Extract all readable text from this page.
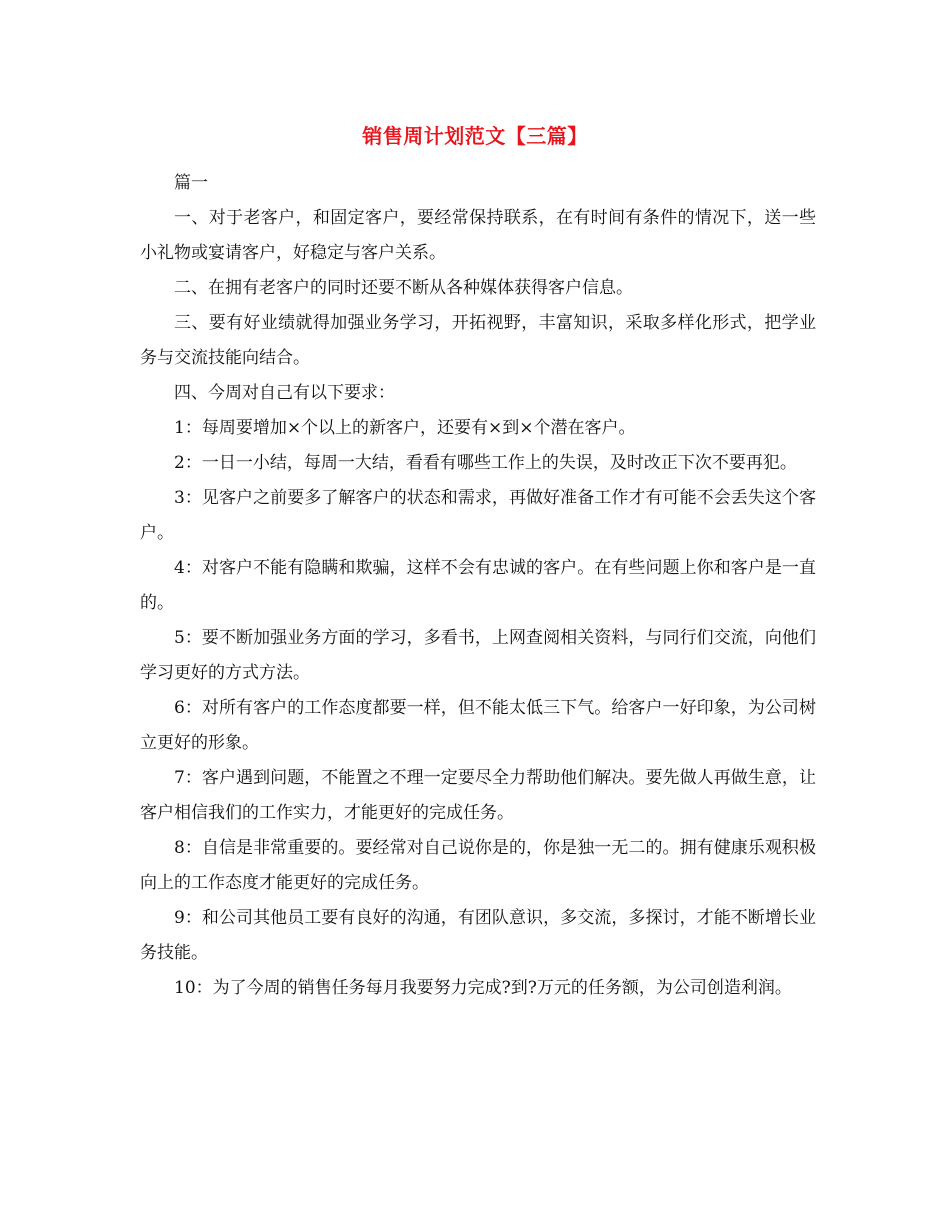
销售周计划范文【三篇】

篇一

一、对于老客户，和固定客户，要经常保持联系，在有时间有条件的情况下，送一些小礼物或宴请客户，好稳定与客户关系。

二、在拥有老客户的同时还要不断从各种媒体获得客户信息。

三、要有好业绩就得加强业务学习，开拓视野，丰富知识，采取多样化形式，把学业务与交流技能向结合。

四、今周对自己有以下要求：

1：每周要增加×个以上的新客户，还要有×到×个潜在客户。

2：一日一小结，每周一大结，看看有哪些工作上的失误，及时改正下次不要再犯。

3：见客户之前要多了解客户的状态和需求，再做好准备工作才有可能不会丢失这个客户。

4：对客户不能有隐瞒和欺骗，这样不会有忠诚的客户。在有些问题上你和客户是一直的。

5：要不断加强业务方面的学习，多看书，上网查阅相关资料，与同行们交流，向他们学习更好的方式方法。

6：对所有客户的工作态度都要一样，但不能太低三下气。给客户一好印象，为公司树立更好的形象。

7：客户遇到问题，不能置之不理一定要尽全力帮助他们解决。要先做人再做生意，让客户相信我们的工作实力，才能更好的完成任务。

8：自信是非常重要的。要经常对自己说你是的，你是独一无二的。拥有健康乐观积极向上的工作态度才能更好的完成任务。

9：和公司其他员工要有良好的沟通，有团队意识，多交流，多探讨，才能不断增长业务技能。

10：为了今周的销售任务每月我要努力完成?到?万元的任务额，为公司创造利润。
